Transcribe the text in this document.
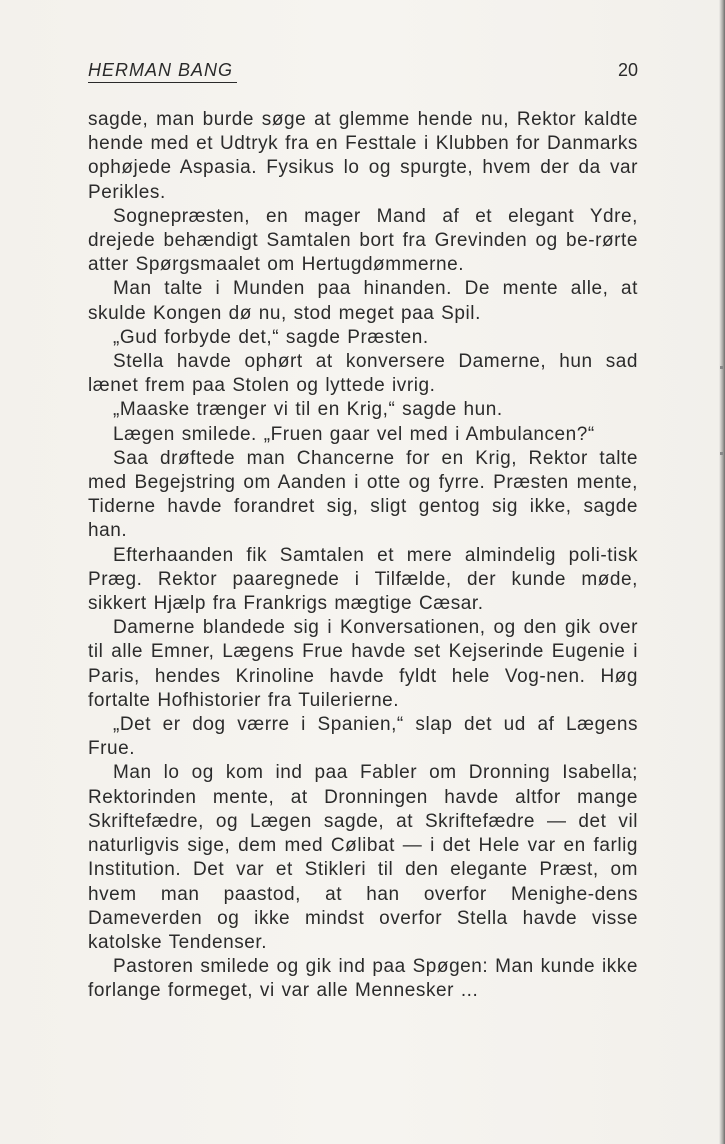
HERMAN BANG	20

sagde, man burde søge at glemme hende nu, Rektor kaldte hende med et Udtryk fra en Festtale i Klubben for Danmarks ophøjede Aspasia. Fysikus lo og spurgte, hvem der da var Perikles.

Sognepræsten, en mager Mand af et elegant Ydre, drejede behændigt Samtalen bort fra Grevinden og be-rørte atter Spørgsmaalet om Hertugdømmerne.

Man talte i Munden paa hinanden. De mente alle, at skulde Kongen dø nu, stod meget paa Spil.

„Gud forbyde det,“ sagde Præsten.

Stella havde ophørt at konversere Damerne, hun sad lænet frem paa Stolen og lyttede ivrig.

„Maaske trænger vi til en Krig,“ sagde hun.

Lægen smilede. „Fruen gaar vel med i Ambulancen?“

Saa drøftede man Chancerne for en Krig, Rektor talte med Begejstring om Aanden i otte og fyrre. Præsten mente, Tiderne havde forandret sig, sligt gentog sig ikke, sagde han.

Efterhaanden fik Samtalen et mere almindelig poli-tisk Præg. Rektor paaregnede i Tilfælde, der kunde møde, sikkert Hjælp fra Frankrigs mægtige Cæsar.

Damerne blandede sig i Konversationen, og den gik over til alle Emner, Lægens Frue havde set Kejserinde Eugenie i Paris, hendes Krinoline havde fyldt hele Vog-nen. Høg fortalte Hofhistorier fra Tuilerierne.

„Det er dog værre i Spanien,“ slap det ud af Lægens Frue.

Man lo og kom ind paa Fabler om Dronning Isabella; Rektorinden mente, at Dronningen havde altfor mange Skriftefædre, og Lægen sagde, at Skriftefædre — det vil naturligvis sige, dem med Cølibat — i det Hele var en farlig Institution. Det var et Stikleri til den elegante Præst, om hvem man paastod, at han overfor Menighe-dens Dameverden og ikke mindst overfor Stella havde visse katolske Tendenser.

Pastoren smilede og gik ind paa Spøgen: Man kunde ikke forlange formeget, vi var alle Mennesker ...
